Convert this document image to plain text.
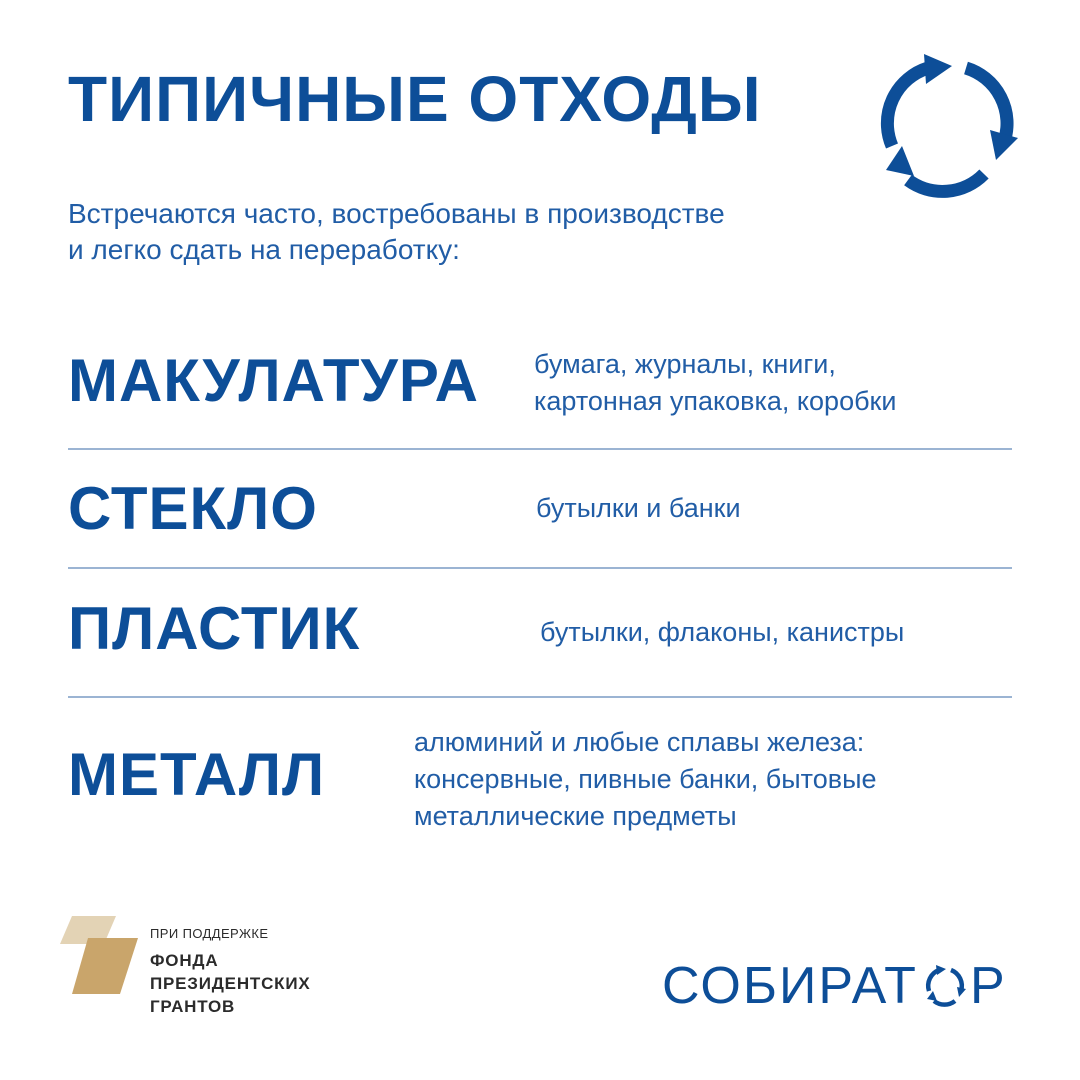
ТИПИЧНЫЕ ОТХОДЫ
Встречаются часто, востребованы в производстве
и легко сдать на переработку:
МАКУЛАТУРА бумага, журналы, книги,
картонная упаковка, коробки
СТЕКЛО	бутылки и банки
ПЛАСТИК	бутылки, флаконы, канистры
МЕТАЛЛ	алюминий и любые сплавы железа:
консервные, пивные банки, бытовые
металлические предметы
ПРИ ПОДДЕРЖКЕ
ФОНДА
ПРЕЗИДЕНТСКИХ
ГРАНТОВ	СОБИРАТ Р
